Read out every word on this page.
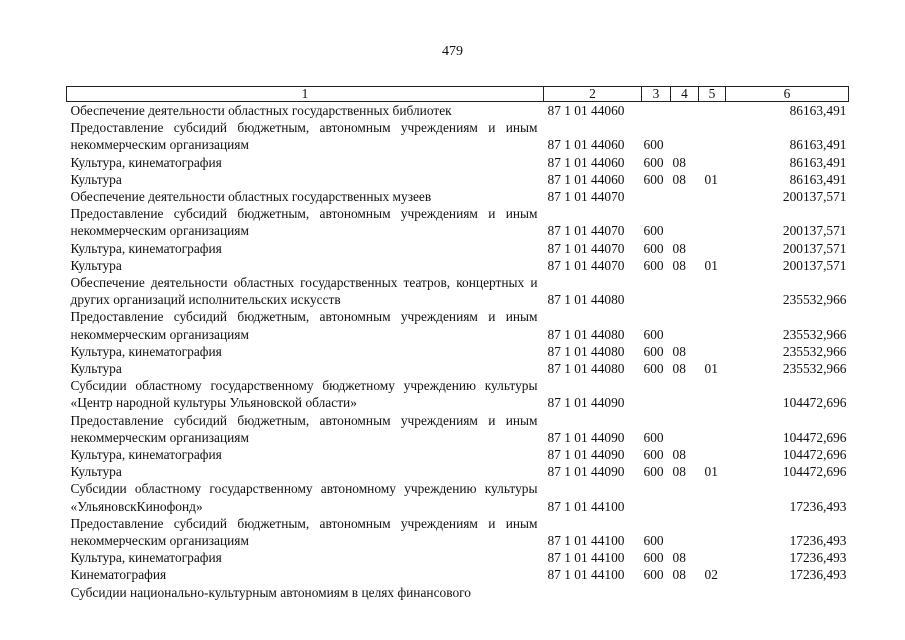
479
1	2	3	4	5	6
Обеспечение деятельности областных государственных библиотек	87 1 01 44060				86163,491
Предоставление субсидий бюджетным, автономным учреждениям и иным некоммерческим организациям	87 1 01 44060	600			86163,491
Культура, кинематография	87 1 01 44060	600	08		86163,491
Культура	87 1 01 44060	600	08	01	86163,491
Обеспечение деятельности областных государственных музеев	87 1 01 44070				200137,571
Предоставление субсидий бюджетным, автономным учреждениям и иным некоммерческим организациям	87 1 01 44070	600			200137,571
Культура, кинематография	87 1 01 44070	600	08		200137,571
Культура	87 1 01 44070	600	08	01	200137,571
Обеспечение деятельности областных государственных театров, концертных и других организаций исполнительских искусств	87 1 01 44080				235532,966
Предоставление субсидий бюджетным, автономным учреждениям и иным некоммерческим организациям	87 1 01 44080	600			235532,966
Культура, кинематография	87 1 01 44080	600	08		235532,966
Культура	87 1 01 44080	600	08	01	235532,966
Субсидии областному государственному бюджетному учреждению культуры «Центр народной культуры Ульяновской области»	87 1 01 44090				104472,696
Предоставление субсидий бюджетным, автономным учреждениям и иным некоммерческим организациям	87 1 01 44090	600			104472,696
Культура, кинематография	87 1 01 44090	600	08		104472,696
Культура	87 1 01 44090	600	08	01	104472,696
Субсидии областному государственному автономному учреждению культуры «УльяновскКинофонд»	87 1 01 44100				17236,493
Предоставление субсидий бюджетным, автономным учреждениям и иным некоммерческим организациям	87 1 01 44100	600			17236,493
Культура, кинематография	87 1 01 44100	600	08		17236,493
Кинематография	87 1 01 44100	600	08	02	17236,493
Субсидии национально-культурным автономиям в целях финансового					
